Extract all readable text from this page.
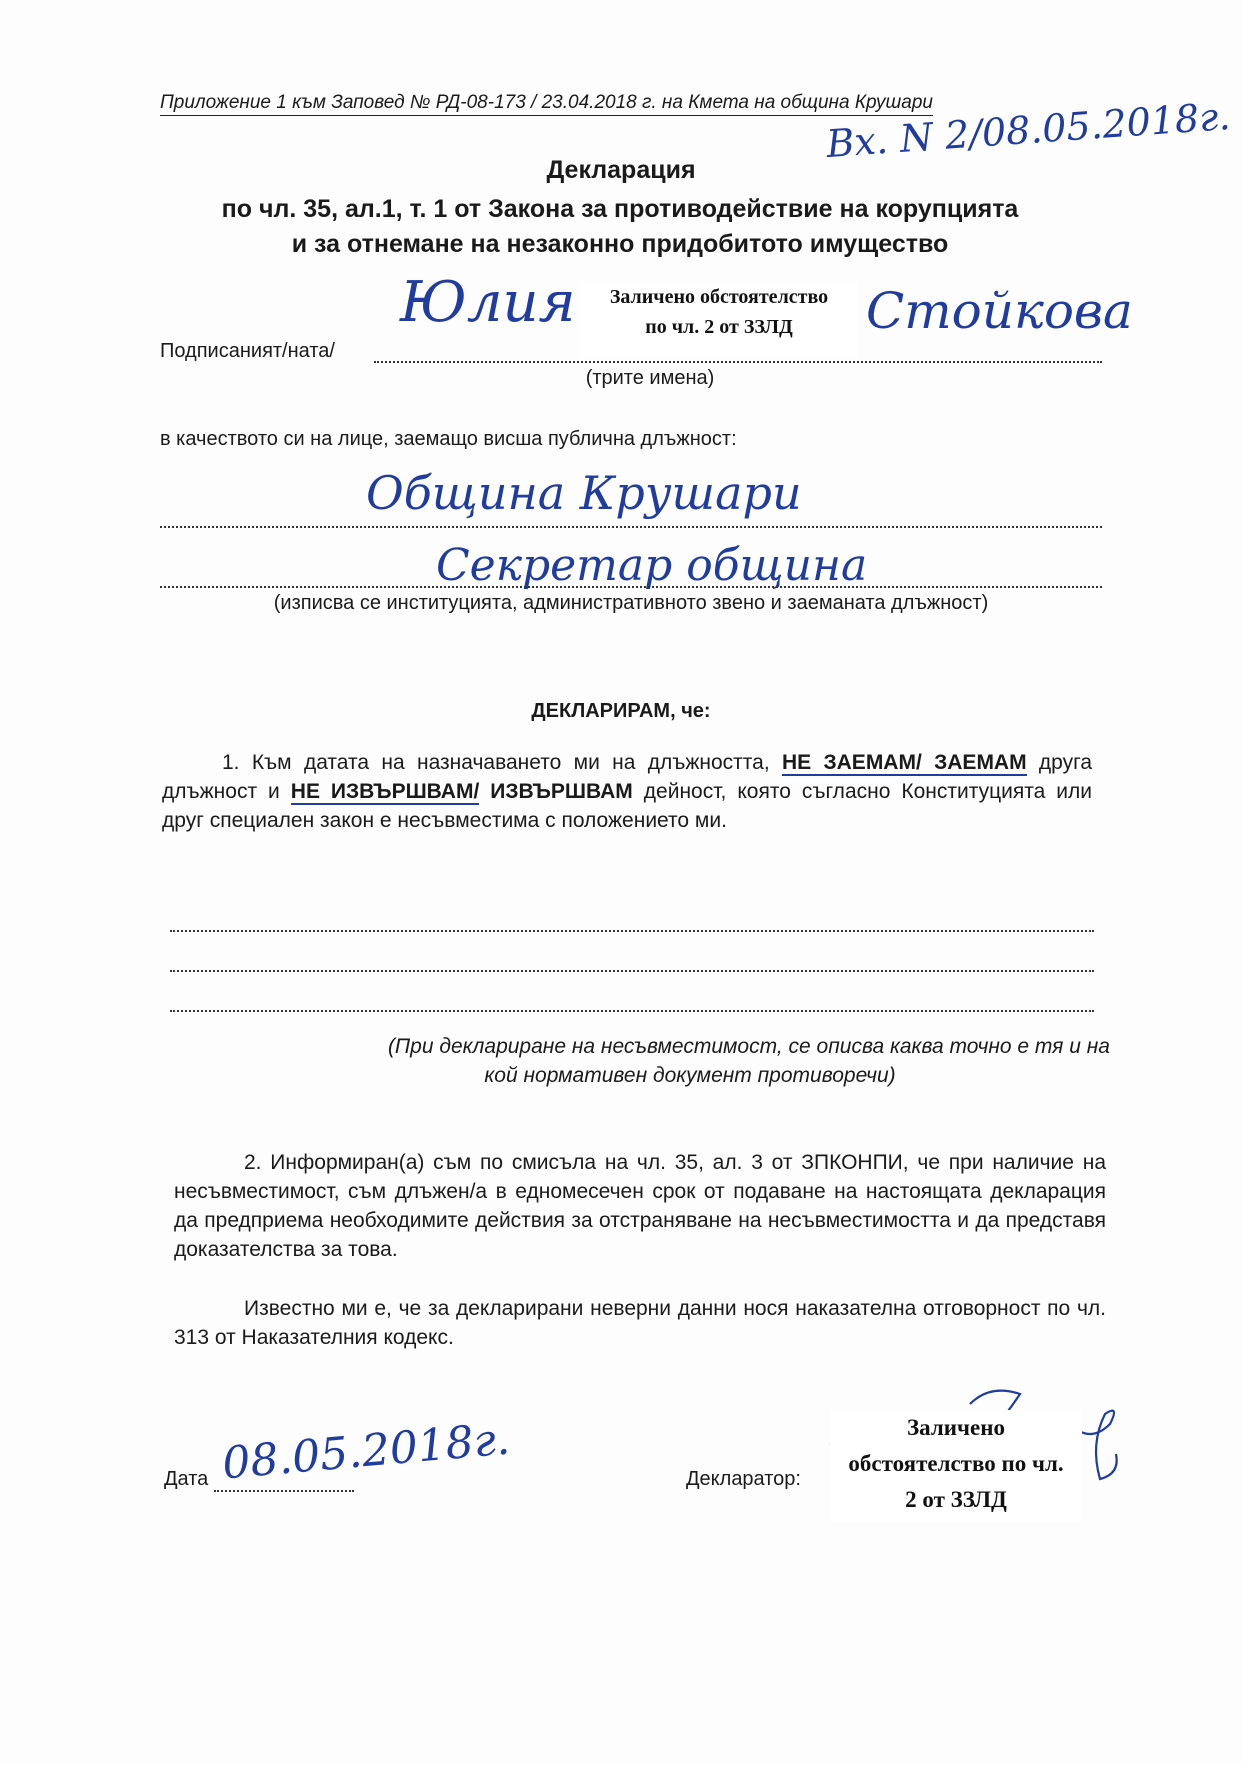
Приложение 1 към Заповед № РД-08-173 / 23.04.2018 г. на Кмета на община Крушари
Вх. N 2/08.05.2018г.
Декларация
по чл. 35, ал.1, т. 1 от Закона за противодействие на корупцията
и за отнемане на незаконно придобитото имущество
Подписаният/ната/
Юлия	Стойкова
Заличено обстоятелство
по чл. 2 от ЗЗЛД
(трите имена)
в качеството си на лице, заемащо висша публична длъжност:
Община Крушари
Секретар община
(изписва се институцията, административното звено и заеманата длъжност)
ДЕКЛАРИРАМ, че:
1. Към датата на назначаването ми на длъжността, НЕ ЗАЕМАМ/ ЗАЕМАМ друга длъжност и НЕ ИЗВЪРШВАМ/ ИЗВЪРШВАМ дейност, която съгласно Конституцията или друг специален закон е несъвместима с положението ми.
(При деклариране на несъвместимост, се описва каква точно е тя и на
кой нормативен документ противоречи)
2. Информиран(а) съм по смисъла на чл. 35, ал. 3 от ЗПКОНПИ, че при наличие на несъвместимост, съм длъжен/а в едномесечен срок от подаване на настоящата декларация да предприема необходимите действия за отстраняване на несъвместимостта и да представя доказателства за това.
Известно ми е, че за декларирани неверни данни нося наказателна отговорност по чл. 313 от Наказателния кодекс.
Дата 08.05.2018г.	Декларатор:
Заличено
обстоятелство по чл.
2 от ЗЗЛД
